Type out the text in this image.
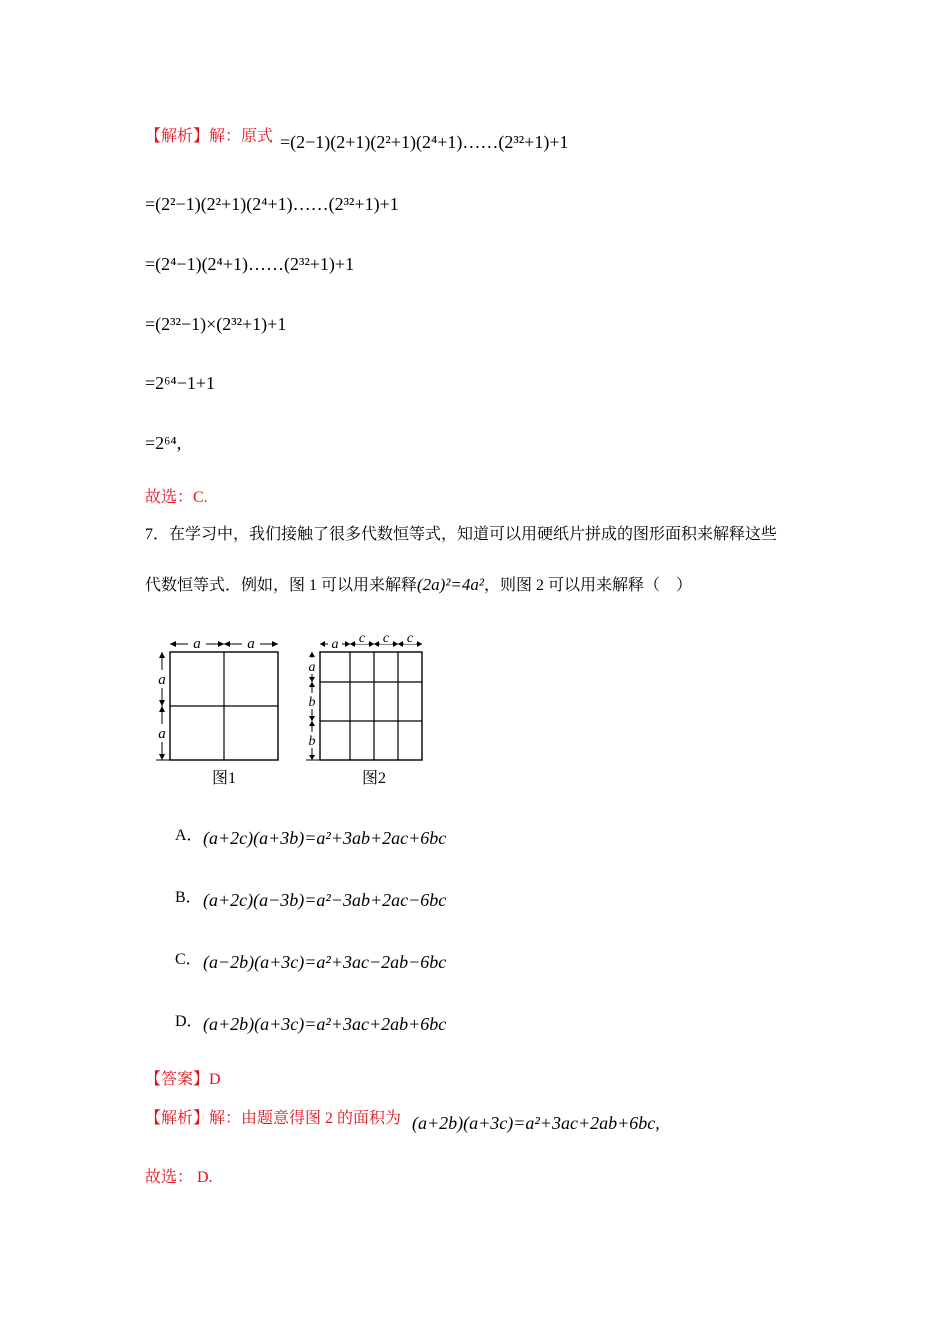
【解析】解：原式 =(2−1)(2+1)(2²+1)(2⁴+1)……(2³²+1)+1
=(2²−1)(2²+1)(2⁴+1)……(2³²+1)+1
=(2⁴−1)(2⁴+1)……(2³²+1)+1
=(2³²−1)×(2³²+1)+1
=2⁶⁴−1+1
=2⁶⁴,
故选：C.
7．在学习中，我们接触了很多代数恒等式，知道可以用硬纸片拼成的图形面积来解释这些
代数恒等式．例如，图 1 可以用来解释(2a)²=4a²，则图 2 可以用来解释（　）
a	a
a
a
图1
a c c c
a
b
b
图2
A． (a+2c)(a+3b)=a²+3ab+2ac+6bc
B． (a+2c)(a−3b)=a²−3ab+2ac−6bc
C． (a−2b)(a+3c)=a²+3ac−2ab−6bc
D． (a+2b)(a+3c)=a²+3ac+2ab+6bc
【答案】D
【解析】解：由题意得图 2 的面积为 (a+2b)(a+3c)=a²+3ac+2ab+6bc,
故选： D.
